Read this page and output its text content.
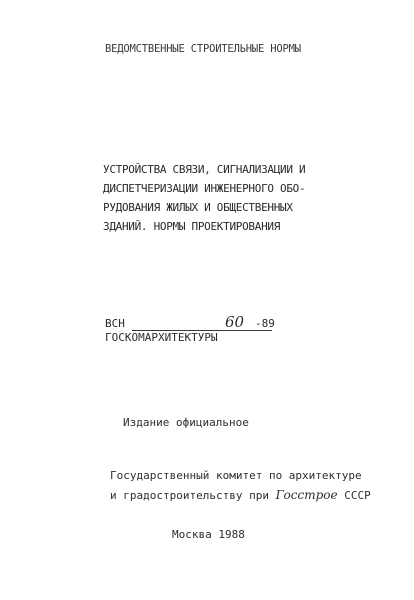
ВЕДОМСТВЕННЫЕ СТРОИТЕЛЬНЫЕ НОРМЫ
УСТРОЙСТВА СВЯЗИ, СИГНАЛИЗАЦИИ И
ДИСПЕТЧЕРИЗАЦИИ ИНЖЕНЕРНОГО ОБО-
РУДОВАНИЯ ЖИЛЫХ И ОБЩЕСТВЕННЫХ
ЗДАНИЙ. НОРМЫ ПРОЕКТИРОВАНИЯ
ВСН	60 -89
ГОСКОМАРХИТЕКТУРЫ
Издание официальное
Государственный комитет по архитектуре
и градостроительству при Госстрое СССР
Москва 1988
